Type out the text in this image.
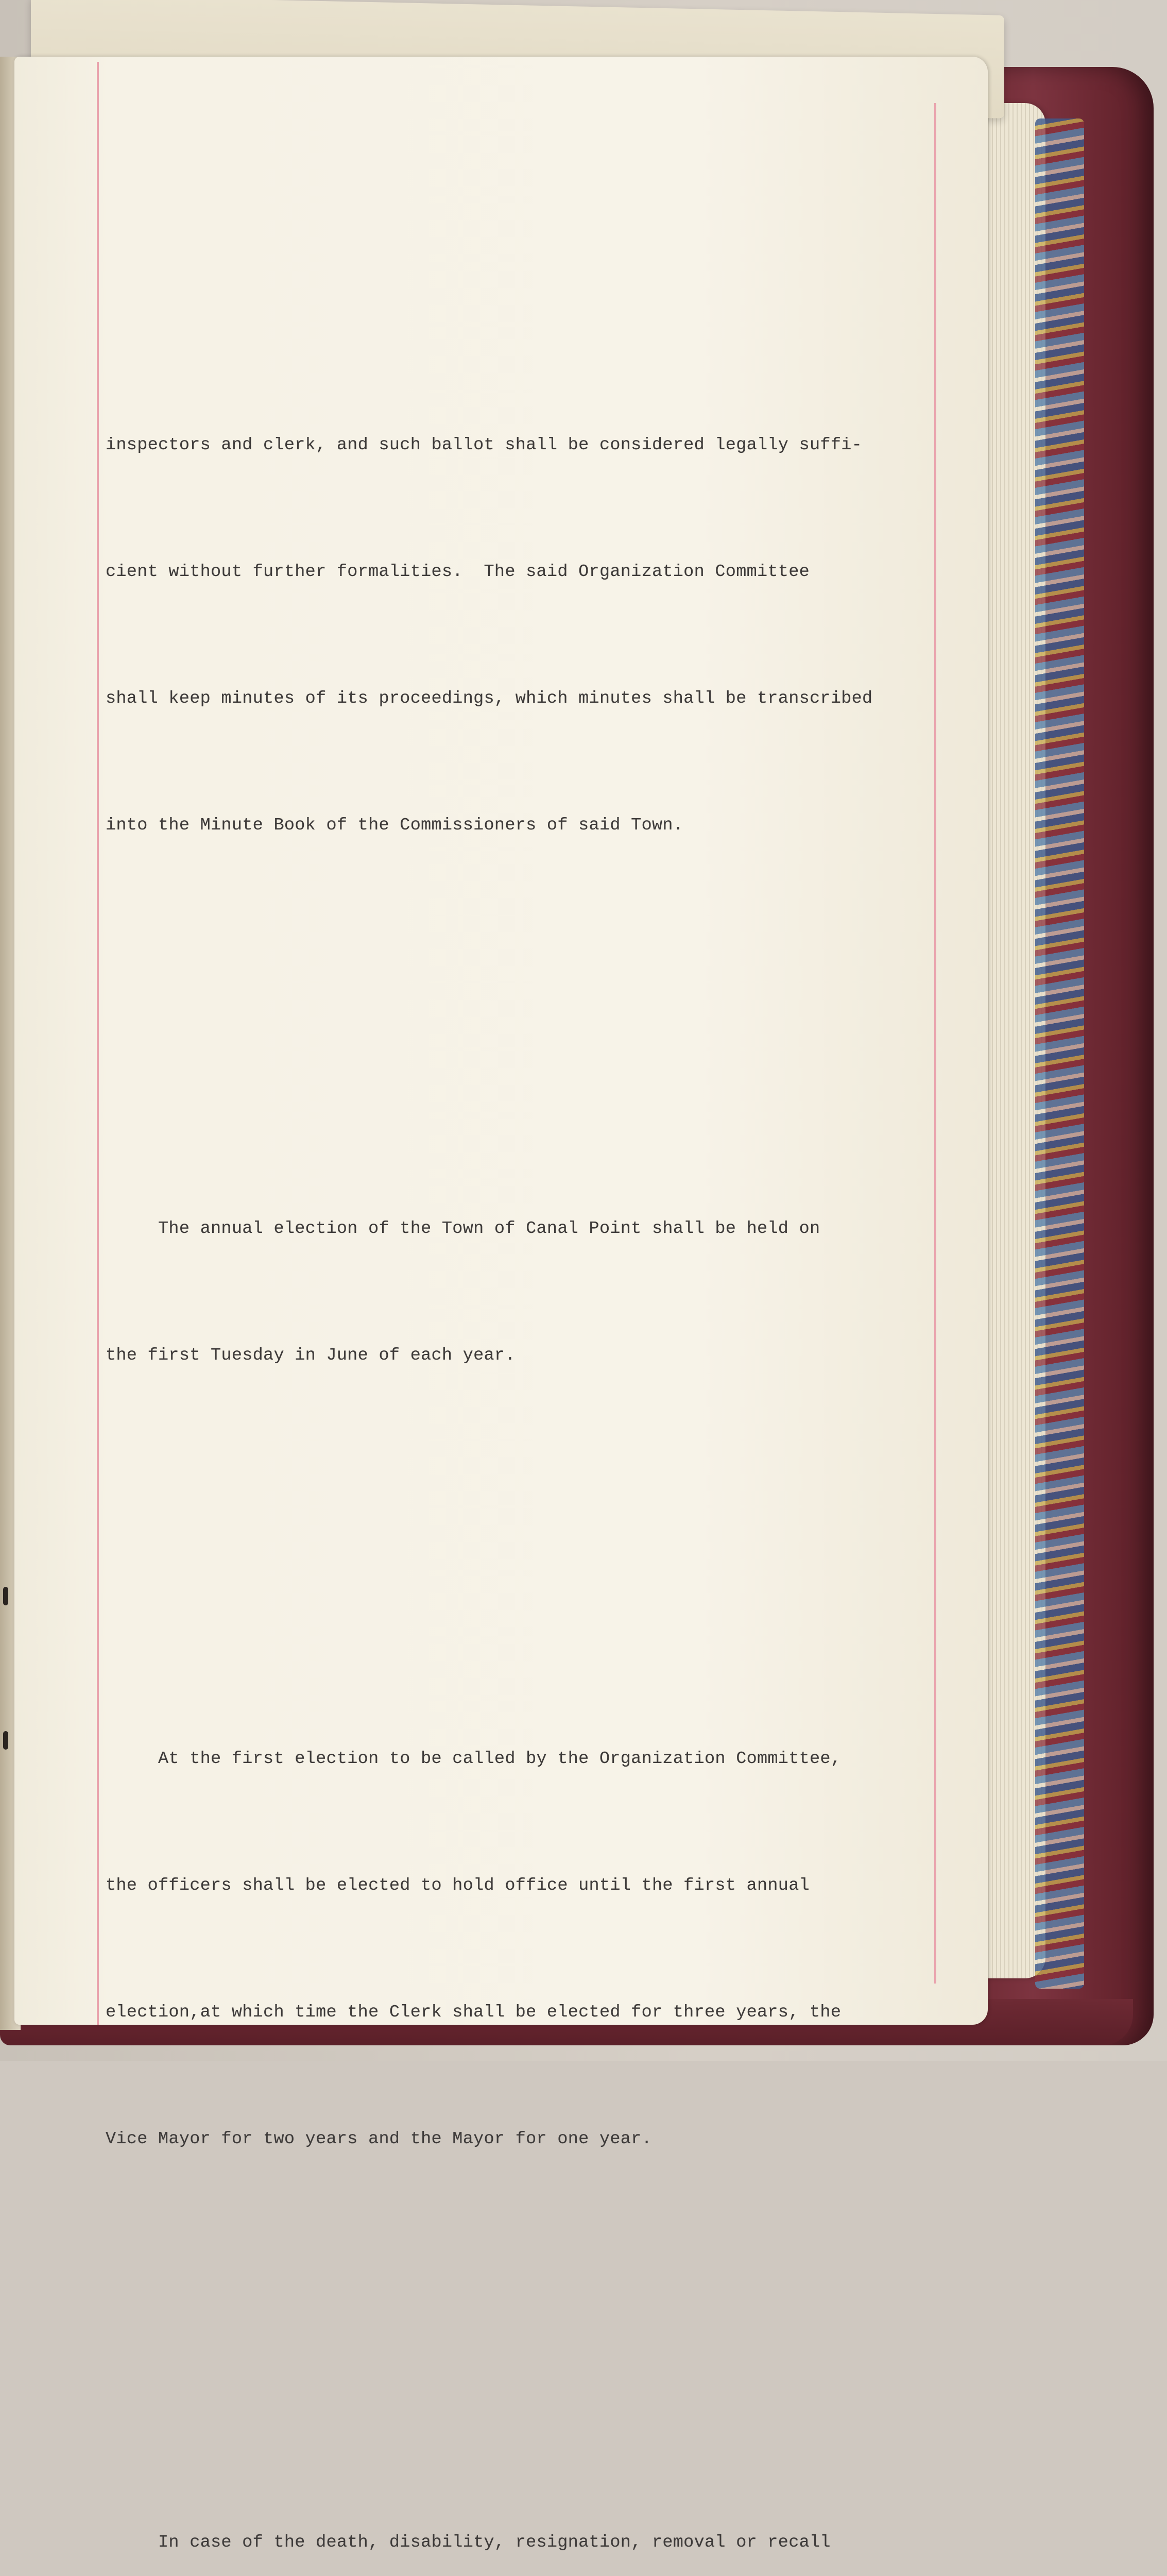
inspectors and clerk, and such ballot shall be considered legally suffi-

cient without further formalities.  The said Organization Committee

shall keep minutes of its proceedings, which minutes shall be transcribed

into the Minute Book of the Commissioners of said Town.

The annual election of the Town of Canal Point shall be held on

the first Tuesday in June of each year.

At the first election to be called by the Organization Committee,

the officers shall be elected to hold office until the first annual

election,at which time the Clerk shall be elected for three years, the

Vice Mayor for two years and the Mayor for one year.

In case of the death, disability, resignation, removal or recall
